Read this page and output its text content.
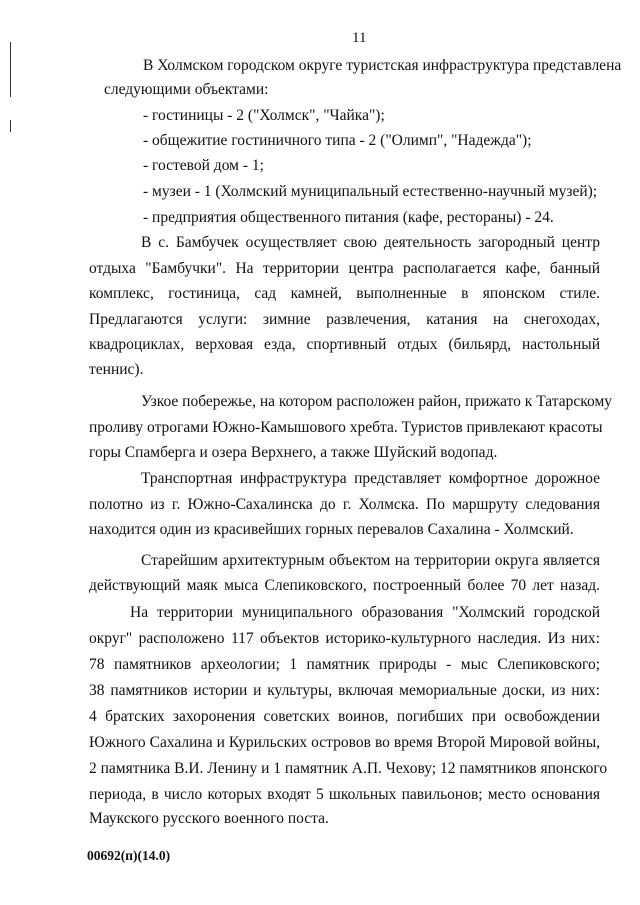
11
В Холмском городском округе туристская инфраструктура представлена
следующими объектами:
- гостиницы - 2 ("Холмск", "Чайка");
- общежитие гостиничного типа - 2 ("Олимп", "Надежда");
- гостевой дом - 1;
- музеи - 1 (Холмский муниципальный естественно-научный музей);
- предприятия общественного питания (кафе, рестораны) - 24.
В с. Бамбучек осуществляет свою деятельность загородный центр
отдыха "Бамбучки". На территории центра располагается кафе, банный
комплекс, гостиница, сад камней, выполненные в японском стиле.
Предлагаются услуги: зимние развлечения, катания на снегоходах,
квадроциклах, верховая езда, спортивный отдых (бильярд, настольный
теннис).
Узкое побережье, на котором расположен район, прижато к Татарскому
проливу отрогами Южно-Камышового хребта. Туристов привлекают красоты
горы Спамберга и озера Верхнего, а также Шуйский водопад.
Транспортная инфраструктура представляет комфортное дорожное
полотно из г. Южно-Сахалинска до г. Холмска. По маршруту следования
находится один из красивейших горных перевалов Сахалина - Холмский.
Старейшим архитектурным объектом на территории округа является
действующий маяк мыса Слепиковского, построенный более 70 лет назад.
На территории муниципального образования "Холмский городской
округ" расположено 117 объектов историко-культурного наследия. Из них:
78 памятников археологии; 1 памятник природы - мыс Слепиковского;
38 памятников истории и культуры, включая мемориальные доски, из них:
4 братских захоронения советских воинов, погибших при освобождении
Южного Сахалина и Курильских островов во время Второй Мировой войны,
2 памятника В.И. Ленину и 1 памятник А.П. Чехову; 12 памятников японского
периода, в число которых входят 5 школьных павильонов; место основания
Маукского русского военного поста.
00692(п)(14.0)
